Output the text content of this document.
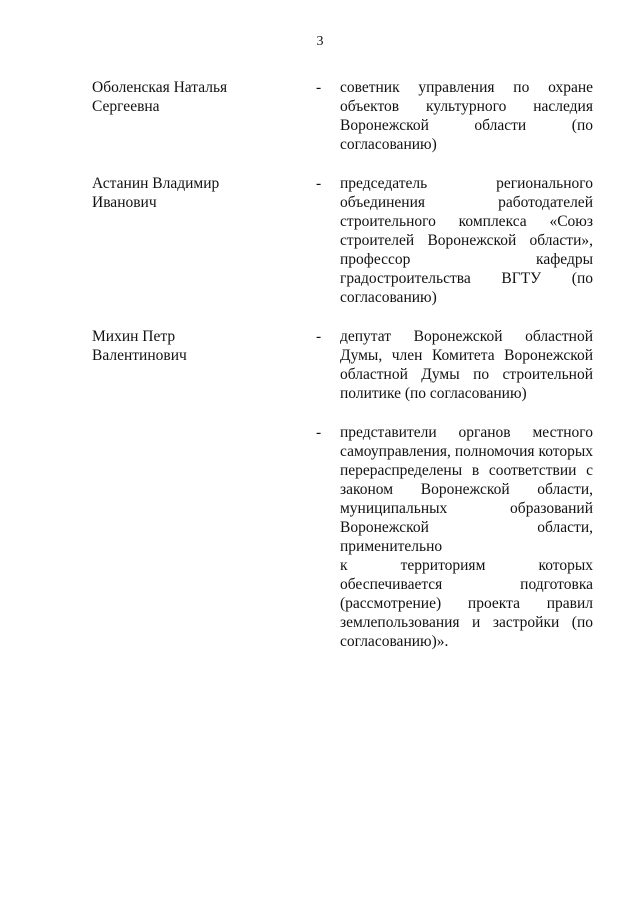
3
Оболенская Наталья
Сергеевна
- советник управления по охране
объектов культурного наследия
Воронежской области (по
согласованию)
Астанин Владимир
Иванович
- председатель регионального
объединения работодателей
строительного комплекса «Союз
строителей Воронежской области»,
профессор кафедры
градостроительства ВГТУ (по
согласованию)
Михин Петр
Валентинович
- депутат Воронежской областной
Думы, член Комитета Воронежской
областной Думы по строительной
политике (по согласованию)
- представители органов местного
самоуправления, полномочия которых
перераспределены в соответствии с
законом Воронежской области,
муниципальных образований
Воронежской области, применительно
к территориям которых
обеспечивается подготовка
(рассмотрение) проекта правил
землепользования и застройки (по
согласованию)».
